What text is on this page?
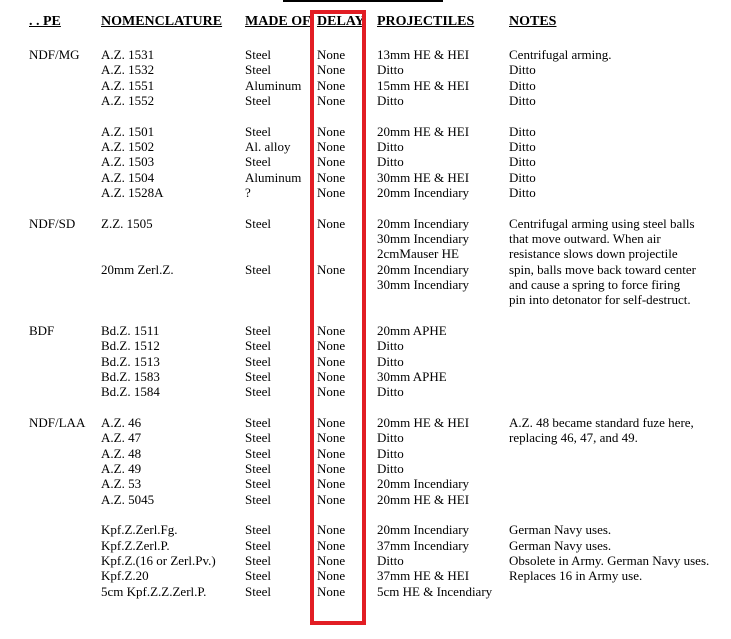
. . PE	NOMENCLATURE MADE OF DELAY PROJECTILES NOTES
NDF/MG A.Z. 1531	Steel	None 13mm HE & HEI	Centrifugal arming.
A.Z. 1532	Steel	None Ditto	Ditto
A.Z. 1551	Aluminum None 15mm HE & HEI	Ditto
A.Z. 1552	Steel	None Ditto	Ditto
A.Z. 1501	Steel	None 20mm HE & HEI	Ditto
A.Z. 1502	Al. alloy None Ditto	Ditto
A.Z. 1503	Steel	None Ditto	Ditto
A.Z. 1504	Aluminum None 30mm HE & HEI	Ditto
A.Z. 1528A	?	None 20mm Incendiary	Ditto
NDF/SD Z.Z. 1505	Steel	None 20mm Incendiary	Centrifugal arming using steel balls
30mm Incendiary	that move outward. When air
2cmMauser HE	resistance slows down projectile
20mm Zerl.Z.	Steel	None 20mm Incendiary	spin, balls move back toward center
30mm Incendiary	and cause a spring to force firing
pin into detonator for self-destruct.
BDF	Bd.Z. 1511	Steel	None 20mm APHE
Bd.Z. 1512	Steel	None Ditto
Bd.Z. 1513	Steel	None Ditto
Bd.Z. 1583	Steel	None 30mm APHE
Bd.Z. 1584	Steel	None Ditto
NDF/LAA A.Z. 46	Steel	None 20mm HE & HEI	A.Z. 48 became standard fuze here,
A.Z. 47	Steel	None Ditto	replacing 46, 47, and 49.
A.Z. 48	Steel	None Ditto
A.Z. 49	Steel	None Ditto
A.Z. 53	Steel	None 20mm Incendiary
A.Z. 5045	Steel	None 20mm HE & HEI
Kpf.Z.Zerl.Fg.	Steel	None 20mm Incendiary	German Navy uses.
Kpf.Z.Zerl.P.	Steel	None 37mm Incendiary	German Navy uses.
Kpf.Z.(16 or Zerl.Pv.) Steel	None Ditto	Obsolete in Army. German Navy uses.
Kpf.Z.20	Steel	None 37mm HE & HEI	Replaces 16 in Army use.
5cm Kpf.Z.Z.Zerl.P.	Steel	None 5cm HE & Incendiary
